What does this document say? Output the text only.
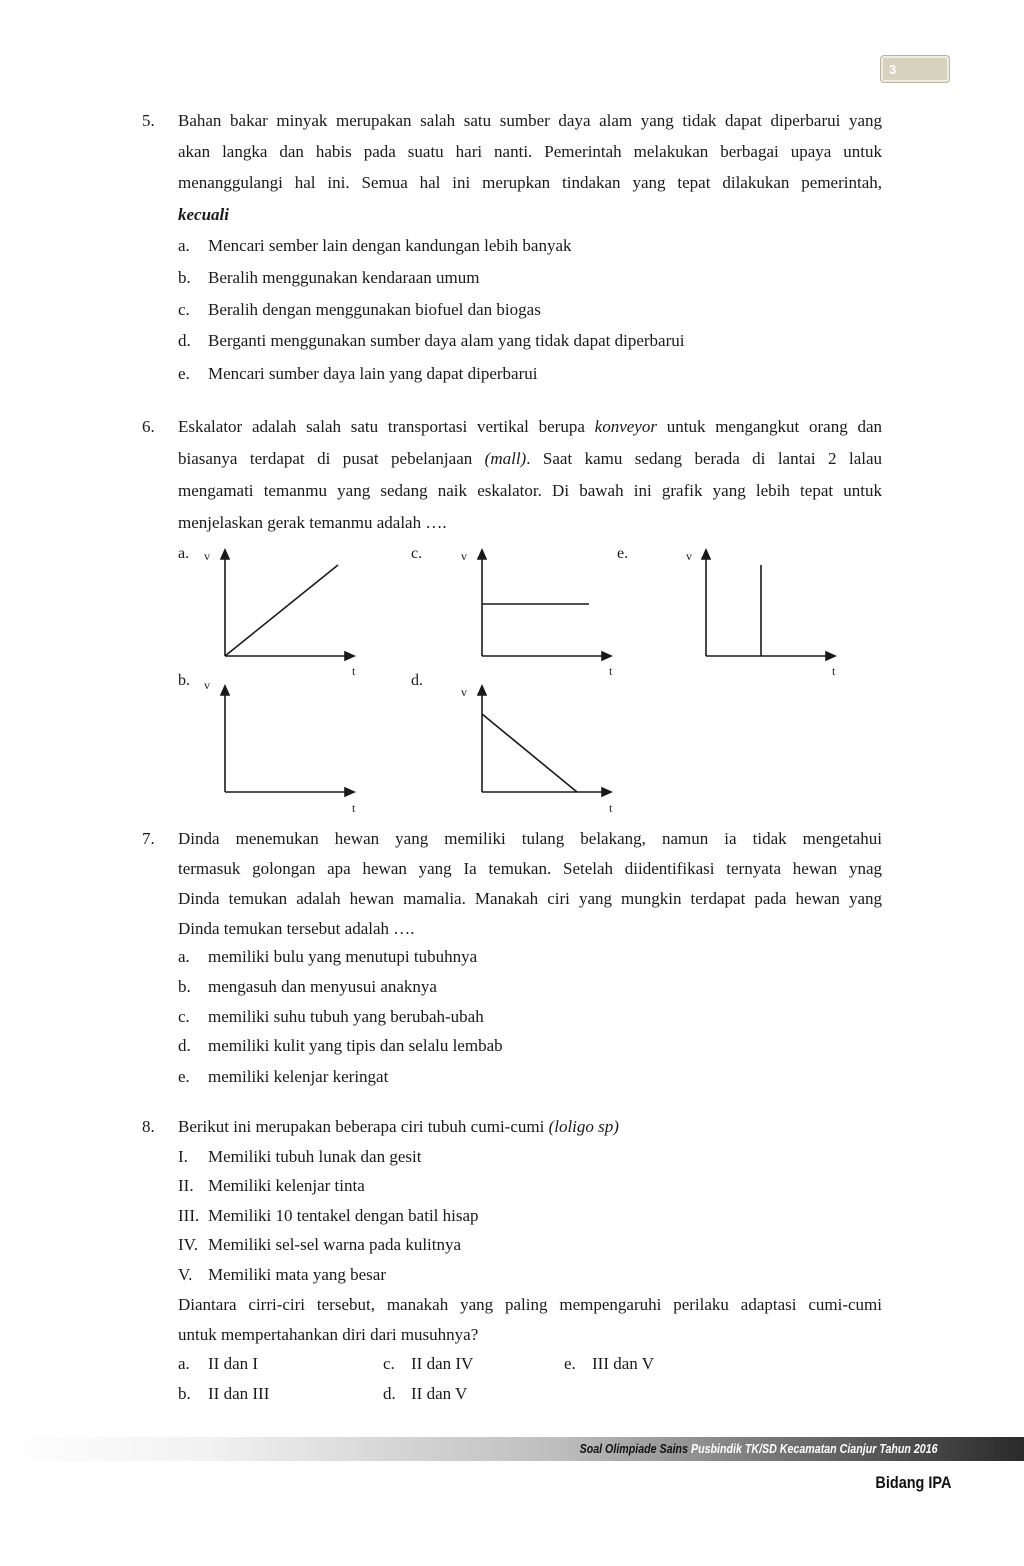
3
5. Bahan bakar minyak merupakan salah satu sumber daya alam yang tidak dapat diperbarui yang
akan langka dan habis pada suatu hari nanti. Pemerintah melakukan berbagai upaya untuk
menanggulangi hal ini. Semua hal ini merupkan tindakan yang tepat dilakukan pemerintah,
kecuali
a. Mencari sember lain dengan kandungan lebih banyak
b. Beralih menggunakan kendaraan umum
c. Beralih dengan menggunakan biofuel dan biogas
d. Berganti menggunakan sumber daya alam yang tidak dapat diperbarui
e. Mencari sumber daya lain yang dapat diperbarui
6. Eskalator adalah salah satu transportasi vertikal berupa konveyor untuk mengangkut orang dan
biasanya terdapat di pusat pebelanjaan (mall). Saat kamu sedang berada di lantai 2 lalau
mengamati temanmu yang sedang naik eskalator. Di bawah ini grafik yang lebih tepat untuk
menjelaskan gerak temanmu adalah ….
a.	c.	e.
b.	d.
v
t
v
t
v
t
v
t
v
t
7. Dinda menemukan hewan yang memiliki tulang belakang, namun ia tidak mengetahui
termasuk golongan apa hewan yang Ia temukan. Setelah diidentifikasi ternyata hewan ynag
Dinda temukan adalah hewan mamalia. Manakah ciri yang mungkin terdapat pada hewan yang
Dinda temukan tersebut adalah ….
a. memiliki bulu yang menutupi tubuhnya
b. mengasuh dan menyusui anaknya
c. memiliki suhu tubuh yang berubah-ubah
d. memiliki kulit yang tipis dan selalu lembab
e. memiliki kelenjar keringat
8. Berikut ini merupakan beberapa ciri tubuh cumi-cumi (loligo sp)
I. Memiliki tubuh lunak dan gesit
II. Memiliki kelenjar tinta
III. Memiliki 10 tentakel dengan batil hisap
IV. Memiliki sel-sel warna pada kulitnya
V. Memiliki mata yang besar
Diantara cirri-ciri tersebut, manakah yang paling mempengaruhi perilaku adaptasi cumi-cumi
untuk mempertahankan diri dari musuhnya?
a. II dan I
b. II dan III
c. II dan IV
d. II dan V
e. III dan V
Soal Olimpiade Sains Pusbindik TK/SD Kecamatan Cianjur Tahun 2016
Bidang IPA
